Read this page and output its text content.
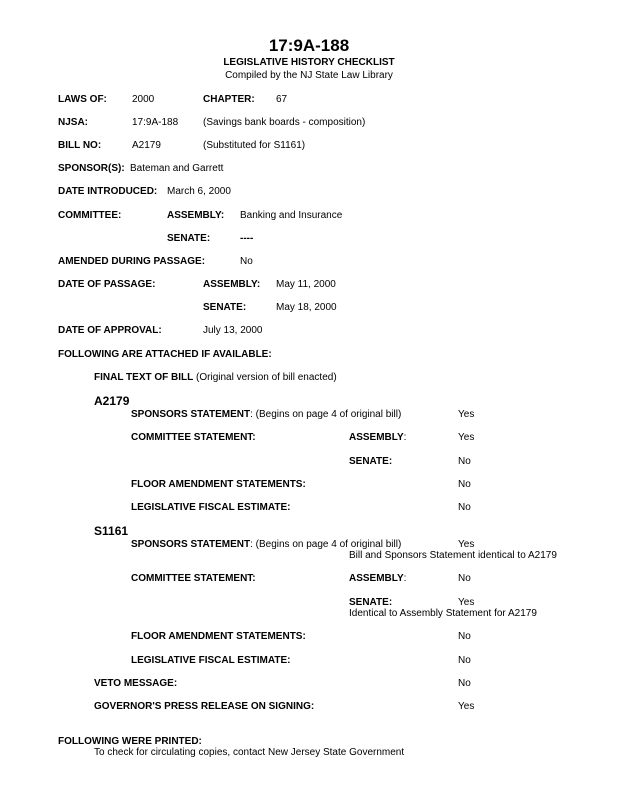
17:9A-188
LEGISLATIVE HISTORY CHECKLIST
Compiled by the NJ State Law Library
LAWS OF:	2000	CHAPTER: 67
NJSA:	17:9A-188 (Savings bank boards - composition)
BILL NO:	A2179	(Substituted for S1161)
SPONSOR(S): Bateman and Garrett
DATE INTRODUCED: March 6, 2000
COMMITTEE:	ASSEMBLY: Banking and Insurance
SENATE:	----
AMENDED DURING PASSAGE:	No
DATE OF PASSAGE:	ASSEMBLY: May 11, 2000
SENATE:	May 18, 2000
DATE OF APPROVAL:	July 13, 2000
FOLLOWING ARE ATTACHED IF AVAILABLE:
FINAL TEXT OF BILL (Original version of bill enacted)
A2179
SPONSORS STATEMENT: (Begins on page 4 of original bill)	Yes
COMMITTEE STATEMENT:	ASSEMBLY:	Yes
SENATE:	No
FLOOR AMENDMENT STATEMENTS:	No
LEGISLATIVE FISCAL ESTIMATE:	No
S1161
SPONSORS STATEMENT: (Begins on page 4 of original bill)	Yes
Bill and Sponsors Statement identical to A2179
COMMITTEE STATEMENT:	ASSEMBLY:	No
SENATE:	Yes
Identical to Assembly Statement for A2179
FLOOR AMENDMENT STATEMENTS:	No
LEGISLATIVE FISCAL ESTIMATE:	No
VETO MESSAGE:	No
GOVERNOR'S PRESS RELEASE ON SIGNING:	Yes
FOLLOWING WERE PRINTED:
To check for circulating copies, contact New Jersey State Government
